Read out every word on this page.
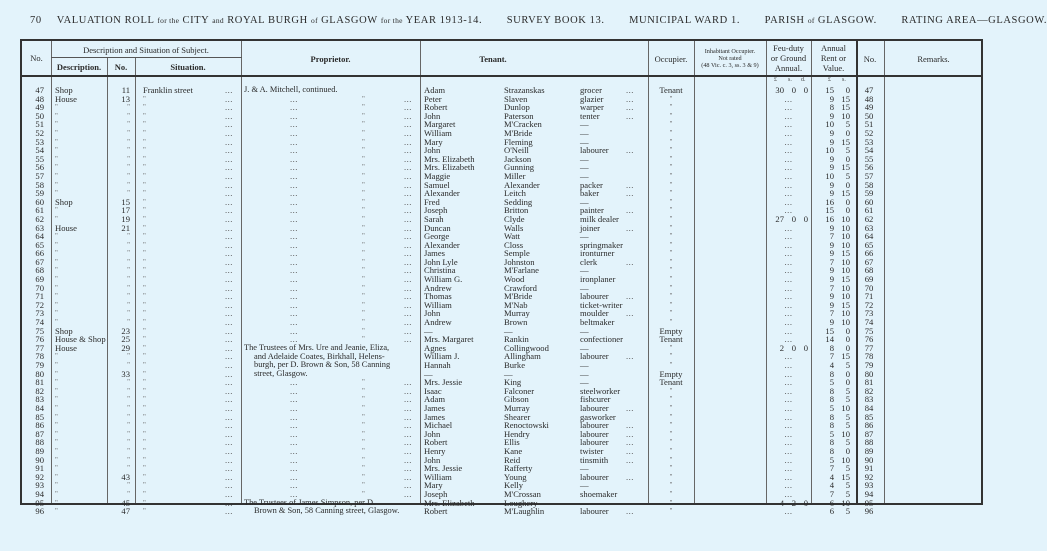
70 VALUATION ROLL for the CITY and ROYAL BURGH of GLASGOW for the YEAR 1913-14. SURVEY BOOK 13. MUNICIPAL WARD 1. PARISH of GLASGOW. RATING AREA—GLASGOW.
No.
Description and Situation of Subject.
Description.	No.	Situation.
Proprietor.	Tenant.	Occupier.
Inhabitant Occupier.
Not rated
(48 Vic. c. 3, ss. 3 & 9)
Feu-duty
or Ground
Annual.
Annual
Rent or
Value.
No.	Remarks.
£ s. d.	£ s.
J. & A. Mitchell, continued.
The Trustees of Mrs. Ure and Jeanie, Eliza,
and Adelaide Coates, Birkhall, Helens-
burgh, per D. Brown & Son, 58 Canning
street, Glasgow.
The Trustees of James Simpson, per D.
Brown & Son, 58 Canning street, Glasgow.
47 Shop	11 Franklin street	...	Adam	Strazanskas	grocer	...	Tenant	30 0 0	15	0	47
48 House	13 "	...	...	"	...	Peter	Slaven	glazier	...	"	...	9 15	48
49 "	" "	...	...	"	...	Robert	Dunlop	warper	...	"	...	8 15	49
50 "	" "	...	...	"	...	John	Paterson	tenter	...	"	...	9 10	50
51 "	" "	...	...	"	...	Margaret	M'Cracken	—	"	...	10	5	51
52 "	" "	...	...	"	...	William	M'Bride	—	"	...	9	0	52
53 "	" "	...	...	"	...	Mary	Fleming	—	"	...	9 15	53
54 "	" "	...	...	"	...	John	O'Neill	labourer	...	"	...	10	5	54
55 "	" "	...	...	"	...	Mrs. Elizabeth	Jackson	—	"	...	9	0	55
56 "	" "	...	...	"	...	Mrs. Elizabeth	Gunning	—	"	...	9 15	56
57 "	" "	...	...	"	...	Maggie	Miller	—	"	...	10	5	57
58 "	" "	...	...	"	...	Samuel	Alexander	packer	...	"	...	9	0	58
59 "	" "	...	...	"	...	Alexander	Leitch	baker	...	"	...	9 15	59
60 Shop	15 "	...	...	"	...	Fred	Sedding	—	"	...	16	0	60
61 "	17 "	...	...	"	...	Joseph	Britton	painter	...	"	...	15	0	61
62 "	19 "	...	...	"	...	Sarah	Clyde	milk dealer	"	27 0 0	16 10	62
63 House	21 "	...	...	"	...	Duncan	Walls	joiner	...	"	...	9 10	63
64 "	" "	...	...	"	...	George	Watt	—	"	...	7 10	64
65 "	" "	...	...	"	...	Alexander	Closs	springmaker	"	...	9 10	65
66 "	" "	...	...	"	...	James	Semple	ironturner	"	...	9 15	66
67 "	" "	...	...	"	...	John Lyle	Johnston	clerk	...	"	...	7 10	67
68 "	" "	...	...	"	...	Christina	M'Farlane	—	"	...	9 10	68
69 "	" "	...	...	"	...	William G.	Wood	ironplaner	"	...	9 15	69
70 "	" "	...	...	"	...	Andrew	Crawford	—	"	...	7 10	70
71 "	" "	...	...	"	...	Thomas	M'Bride	labourer	...	"	...	9 10	71
72 "	" "	...	...	"	...	William	M'Nab	ticket-writer	"	...	9 15	72
73 "	" "	...	...	"	...	John	Murray	moulder	...	"	...	7 10	73
74 "	" "	...	...	"	...	Andrew	Brown	beltmaker	"	...	9 10	74
75 Shop	23 "	...	...	"	...	—	—	—	Empty	...	15	0	75
76 House & Shop	25 "	...	...	"	...	Mrs. Margaret	Rankin	confectioner	Tenant	...	14	0	76
77 House	29 "	...	Agnes	Collingwood	—	"	2 0 0	8	0	77
78 "	" "	...	William J.	Allingham	labourer	...	"	...	7 15	78
79 "	" "	...	Hannah	Burke	—	"	...	4	5	79
80 "	33 "	...	—	—	—	Empty	...	8	0	80
81 "	" "	...	...	"	...	Mrs. Jessie	King	—	Tenant	...	5	0	81
82 "	" "	...	...	"	...	Isaac	Falconer	steelworker	"	...	8	5	82
83 "	" "	...	...	"	...	Adam	Gibson	fishcurer	"	...	8	5	83
84 "	" "	...	...	"	...	James	Murray	labourer	...	"	...	5 10	84
85 "	" "	...	...	"	...	James	Shearer	gasworker	"	...	8	5	85
86 "	" "	...	...	"	...	Michael	Renoctowski	labourer	...	"	...	8	5	86
87 "	" "	...	...	"	...	John	Hendry	labourer	...	"	...	5 10	87
88 "	" "	...	...	"	...	Robert	Ellis	labourer	...	"	...	8	5	88
89 "	" "	...	...	"	...	Henry	Kane	twister	...	"	...	8	0	89
90 "	" "	...	...	"	...	John	Reid	tinsmith	...	"	...	5 10	90
91 "	" "	...	...	"	...	Mrs. Jessie	Rafferty	—	"	...	7	5	91
92 "	43 "	...	...	"	...	William	Young	labourer	...	"	...	4 15	92
93 "	" "	...	...	"	...	Mary	Kelly	—	"	...	4	5	93
94 "	" "	...	...	"	...	Joseph	M'Crossan	shoemaker	"	...	7	5	94
95 "	45 "	...	Mrs. Elizabeth	Loughery	—	"	4 2 0	6 10	95
96 "	47 "	...	Robert	M'Laughlin	labourer	...	"	...	6	5	96
